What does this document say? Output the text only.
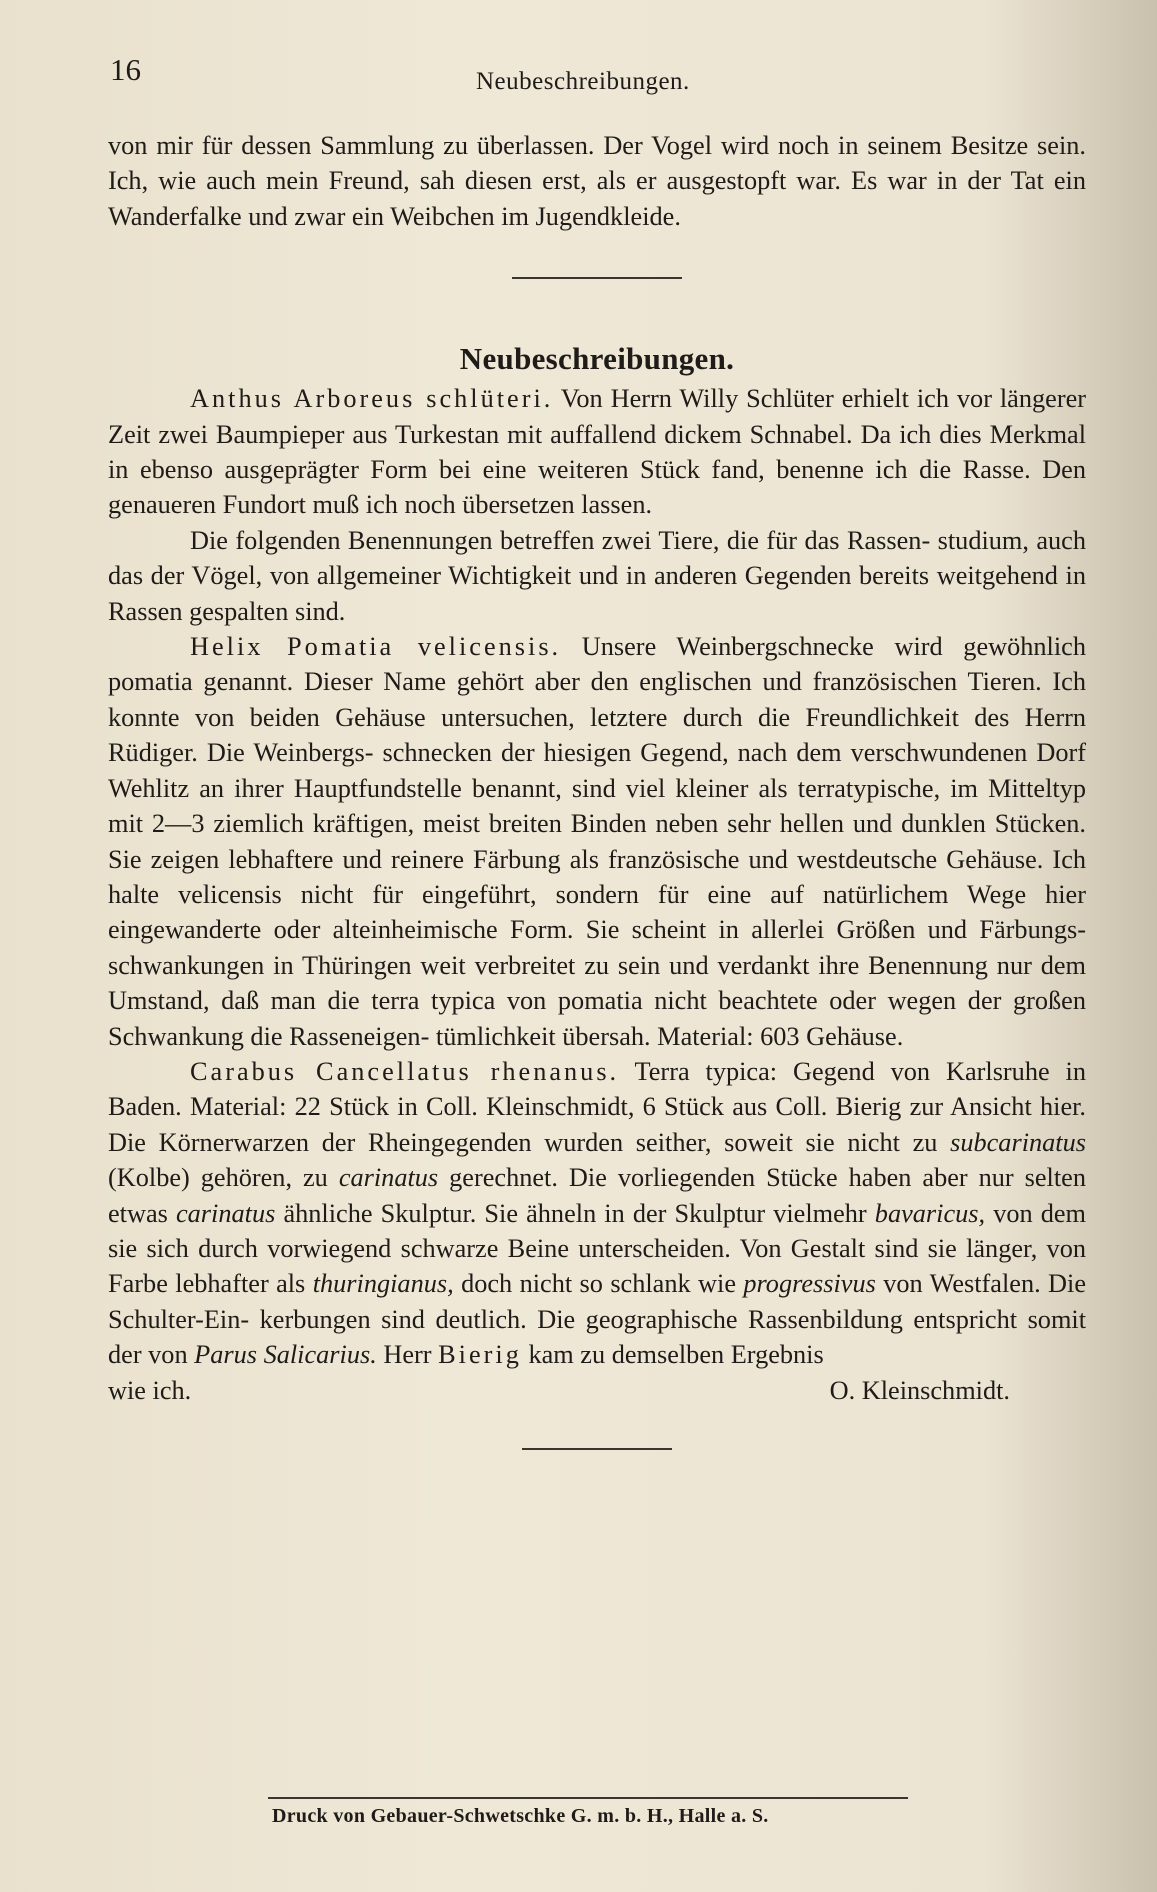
16	Neubeschreibungen.

von mir für dessen Sammlung zu überlassen. Der Vogel wird noch in seinem Besitze sein. Ich, wie auch mein Freund, sah diesen erst, als er ausgestopft war. Es war in der Tat ein Wanderfalke und zwar ein Weibchen im Jugendkleide.

Neubeschreibungen.

Anthus Arboreus schlüteri. Von Herrn Willy Schlüter erhielt ich vor längerer Zeit zwei Baumpieper aus Turkestan mit auffallend dickem Schnabel. Da ich dies Merkmal in ebenso ausgeprägter Form bei eine weiteren Stück fand, benenne ich die Rasse. Den genaueren Fundort muß ich noch übersetzen lassen.

Die folgenden Benennungen betreffen zwei Tiere, die für das Rassen- studium, auch das der Vögel, von allgemeiner Wichtigkeit und in anderen Gegenden bereits weitgehend in Rassen gespalten sind.

Helix Pomatia velicensis. Unsere Weinbergschnecke wird gewöhnlich pomatia genannt. Dieser Name gehört aber den englischen und französischen Tieren. Ich konnte von beiden Gehäuse untersuchen, letztere durch die Freundlichkeit des Herrn Rüdiger. Die Weinbergs- schnecken der hiesigen Gegend, nach dem verschwundenen Dorf Wehlitz an ihrer Hauptfundstelle benannt, sind viel kleiner als terratypische, im Mitteltyp mit 2—3 ziemlich kräftigen, meist breiten Binden neben sehr hellen und dunklen Stücken. Sie zeigen lebhaftere und reinere Färbung als französische und westdeutsche Gehäuse. Ich halte velicensis nicht für eingeführt, sondern für eine auf natürlichem Wege hier eingewanderte oder alteinheimische Form. Sie scheint in allerlei Größen und Färbungs- schwankungen in Thüringen weit verbreitet zu sein und verdankt ihre Benennung nur dem Umstand, daß man die terra typica von pomatia nicht beachtete oder wegen der großen Schwankung die Rasseneigen- tümlichkeit übersah. Material: 603 Gehäuse.

Carabus Cancellatus rhenanus. Terra typica: Gegend von Karlsruhe in Baden. Material: 22 Stück in Coll. Kleinschmidt, 6 Stück aus Coll. Bierig zur Ansicht hier. Die Körnerwarzen der Rheingegenden wurden seither, soweit sie nicht zu subcarinatus (Kolbe) gehören, zu carinatus gerechnet. Die vorliegenden Stücke haben aber nur selten etwas carinatus ähnliche Skulptur. Sie ähneln in der Skulptur vielmehr bavaricus, von dem sie sich durch vorwiegend schwarze Beine unterscheiden. Von Gestalt sind sie länger, von Farbe lebhafter als thuringianus, doch nicht so schlank wie progressivus von Westfalen. Die Schulter-Ein- kerbungen sind deutlich. Die geographische Rassenbildung entspricht somit der von Parus Salicarius. Herr Bierig kam zu demselben Ergebnis

wie ich.	O. Kleinschmidt.
Druck von Gebauer-Schwetschke G. m. b. H., Halle a. S.
